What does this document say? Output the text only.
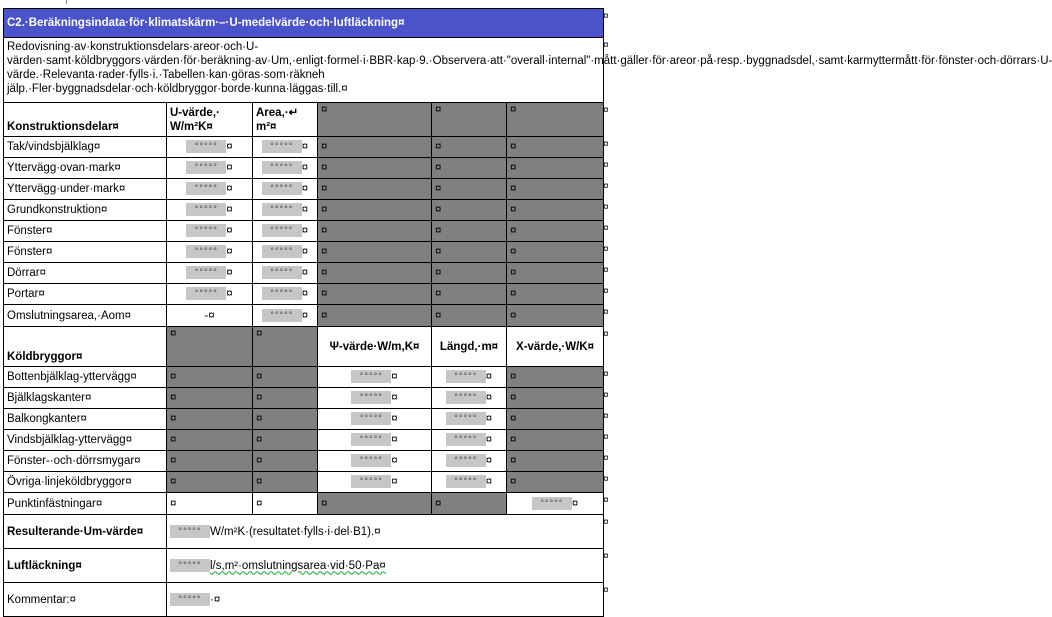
C2.·Beräkningsindata·för·klimatskärm·–·U-medelvärde·och·luftläckning¤					
Redovisning·av·konstruktionsdelars·areor·och·U-värden·samt·köldbryggors·värden·för·beräkning·av·Um,·enligt·formel·i·BBR·kap·9.·Observera·att·"overall·internal"·mått·gäller·för·areor·på·resp.·byggnadsdel,·samt·karmyttermått·för·fönster·och·dörrars·U-värde.·Relevanta·rader·fylls·i.·Tabellen·kan·göras·som·räkneh jälp.·Fler·byggnadsdelar·och·köldbryggor·borde·kunna·läggas·till.¤					
Konstruktionsdelar¤	U-värde,· W/m²K¤	Area,·↵ m²¤	¤	¤	¤
Tak/vindsbjälklag¤	°°°°° ¤	°°°°° ¤	¤	¤	¤
Yttervägg·ovan·mark¤	°°°°° ¤	°°°°° ¤	¤	¤	¤
Yttervägg·under·mark¤	°°°°° ¤	°°°°° ¤	¤	¤	¤
Grundkonstruktion¤	°°°°° ¤	°°°°° ¤	¤	¤	¤
Fönster¤	°°°°° ¤	°°°°° ¤	¤	¤	¤
Fönster¤	°°°°° ¤	°°°°° ¤	¤	¤	¤
Dörrar¤	°°°°° ¤	°°°°° ¤	¤	¤	¤
Portar¤	°°°°° ¤	°°°°° ¤	¤	¤	¤
Omslutningsarea,·Aom¤	-¤	°°°°° ¤	¤	¤	¤
Köldbryggor¤	¤	¤	Ψ-värde·W/m,K¤	Längd,·m¤	X-värde,·W/K¤
Bottenbjälklag-yttervägg¤	¤	¤	°°°°° ¤	°°°°° ¤	¤
Bjälklagskanter¤	¤	¤	°°°°° ¤	°°°°° ¤	¤
Balkongkanter¤	¤	¤	°°°°° ¤	°°°°° ¤	¤
Vindsbjälklag-yttervägg¤	¤	¤	°°°°° ¤	°°°°° ¤	¤
Fönster-·och·dörrsmygar¤	¤	¤	°°°°° ¤	°°°°° ¤	¤
Övriga·linjeköldbryggor¤	¤	¤	°°°°° ¤	°°°°° ¤	¤
Punktinfästningar¤	¤	¤	¤	¤	°°°°° ¤
Resulterande·Um-värde¤	°°°°° W/m²K·(resultatet·fylls·i·del·B1).¤				
Luftläckning¤	°°°°° l/s,m²·omslutningsarea·vid·50·Pa¤				
Kommentar:¤	°°°°° ·¤				
¤
¤
¤
¤
¤
¤
¤
¤
¤
¤
¤
¤
¤
¤
¤
¤
¤
¤
¤
¤
¤
¤
¤
